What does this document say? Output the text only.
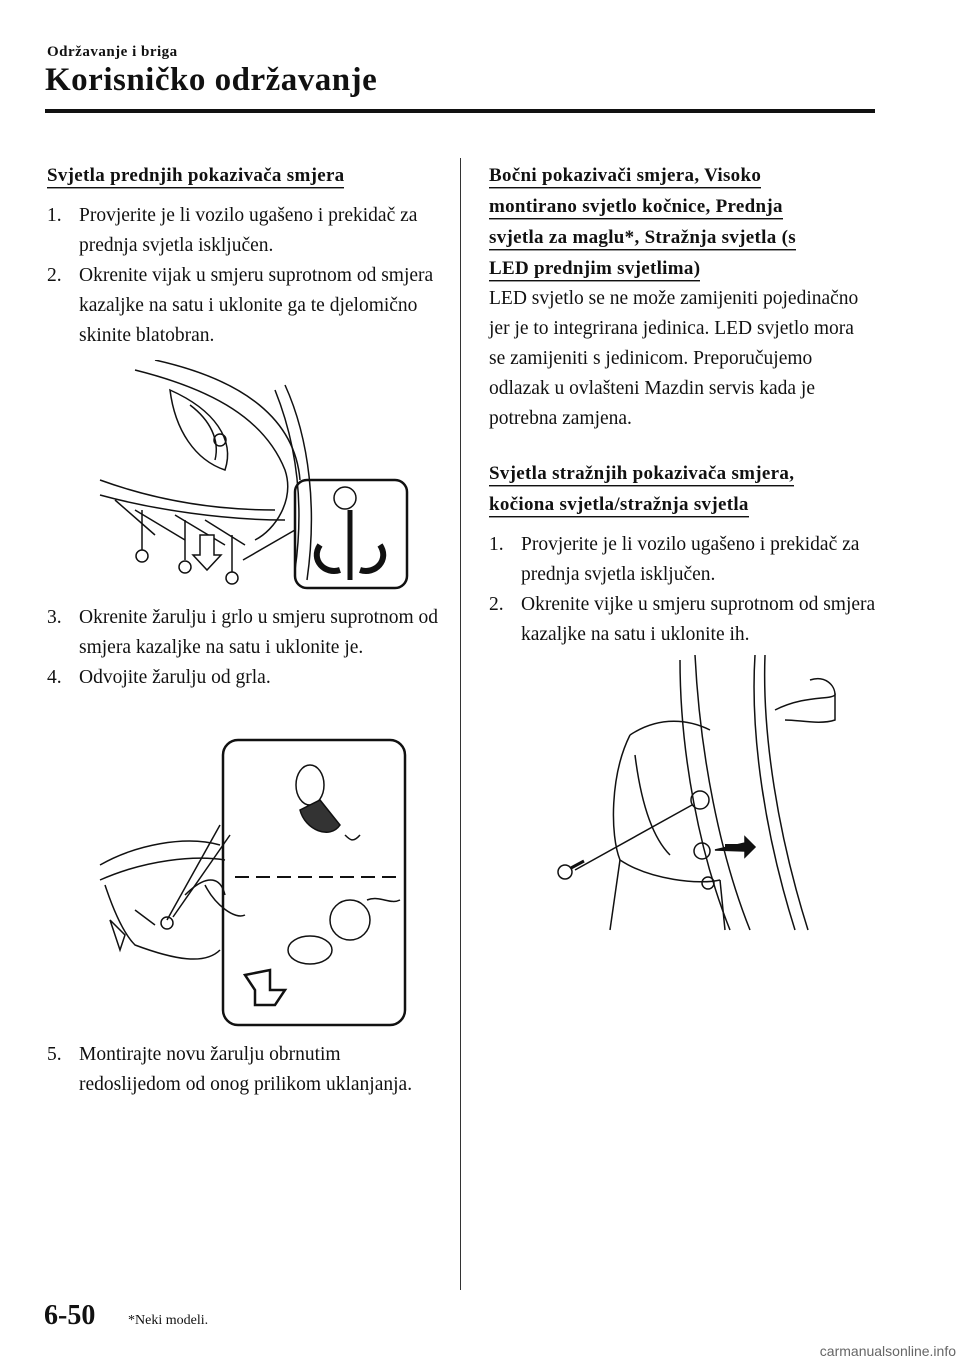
Održavanje i briga
Korisničko održavanje
Svjetla prednjih pokazivača smjera
1. Provjerite je li vozilo ugašeno i prekidač za prednja svjetla isključen.
2. Okrenite vijak u smjeru suprotnom od smjera kazaljke na satu i uklonite ga te djelomično skinite blatobran.
3. Okrenite žarulju i grlo u smjeru suprotnom od smjera kazaljke na satu i uklonite je.
4. Odvojite žarulju od grla.
5. Montirajte novu žarulju obrnutim redoslijedom od onog prilikom uklanjanja.
Bočni pokazivači smjera, Visoko
montirano svjetlo kočnice, Prednja
svjetla za maglu*, Stražnja svjetla (s
LED prednjim svjetlima)
LED svjetlo se ne može zamijeniti pojedinačno jer je to integrirana jedinica. LED svjetlo mora se zamijeniti s jedinicom. Preporučujemo odlazak u ovlašteni Mazdin servis kada je potrebna zamjena.
Svjetla stražnjih pokazivača smjera,
kočiona svjetla/stražnja svjetla
1. Provjerite je li vozilo ugašeno i prekidač za prednja svjetla isključen.
2. Okrenite vijke u smjeru suprotnom od smjera kazaljke na satu i uklonite ih.
6-50 *Neki modeli.
carmanualsonline.info
